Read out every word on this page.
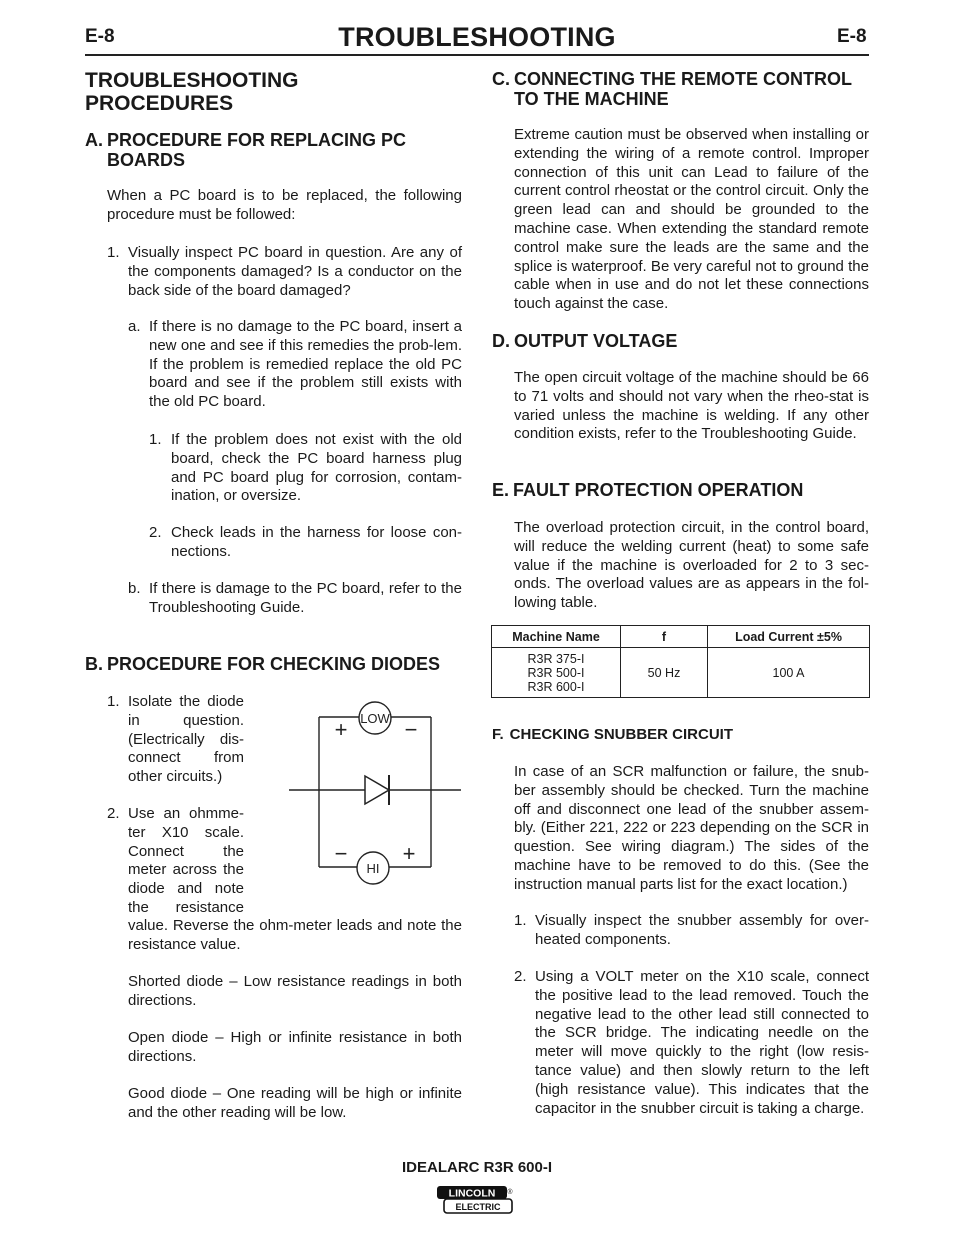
E-8	TROUBLESHOOTING	E-8
TROUBLESHOOTING
PROCEDURES
A. PROCEDURE FOR REPLACING PC
BOARDS
When a PC board is to be replaced, the following procedure must be followed:
1. Visually inspect PC board in question. Are any of the components damaged? Is a conductor on the back side of the board damaged?
a. If there is no damage to the PC board, insert a new one and see if this remedies the prob-lem. If the problem is remedied replace the old PC board and see if the problem still exists with the old PC board.
1. If the problem does not exist with the old board, check the PC board harness plug and PC board plug for corrosion, contam-ination, or oversize.
2. Check leads in the harness for loose con-nections.
b. If there is damage to the PC board, refer to the Troubleshooting Guide.
B. PROCEDURE FOR CHECKING DIODES
1. Isolate the diode in question. (Electrically dis-connect from other circuits.)
2. Use an ohmme-ter X10 scale. Connect the meter across the diode and note the resistance
value. Reverse the ohm-meter leads and note the resistance value.
Shorted diode – Low resistance readings in both directions.
Open diode – High or infinite resistance in both directions.
Good diode – One reading will be high or infinite and the other reading will be low.
LOW
HI
+	−
−	+
C. CONNECTING THE REMOTE CONTROL
TO THE MACHINE
Extreme caution must be observed when installing or extending the wiring of a remote control. Improper connection of this unit can Lead to failure of the current control rheostat or the control circuit. Only the green lead can and should be grounded to the machine case. When extending the standard remote control make sure the leads are the same and the splice is waterproof. Be very careful not to ground the cable when in use and do not let these connections touch against the case.
D. OUTPUT VOLTAGE
The open circuit voltage of the machine should be 66 to 71 volts and should not vary when the rheo-stat is varied unless the machine is welding. If any other condition exists, refer to the Troubleshooting Guide.
E. FAULT PROTECTION OPERATION
The overload protection circuit, in the control board, will reduce the welding current (heat) to some safe value if the machine is overloaded for 2 to 3 sec-onds. The overload values are as appears in the fol-lowing table.
Machine Name	f	Load Current ±5%

R3R 375-I
R3R 500-I
R3R 600-I	50 Hz	100 A
F. CHECKING SNUBBER CIRCUIT
In case of an SCR malfunction or failure, the snub-ber assembly should be checked. Turn the machine off and disconnect one lead of the snubber assem-bly. (Either 221, 222 or 223 depending on the SCR in question. See wiring diagram.) The sides of the machine have to be removed to do this. (See the instruction manual parts list for the exact location.)
1. Visually inspect the snubber assembly for over-heated components.
2. Using a VOLT meter on the X10 scale, connect the positive lead to the lead removed. Touch the negative lead to the other lead still connected to the SCR bridge. The indicating needle on the meter will move quickly to the right (low resis-tance value) and then slowly return to the left (high resistance value). This indicates that the capacitor in the snubber circuit is taking a charge.
IDEALARC R3R 600-I
LINCOLN
ELECTRIC
®
